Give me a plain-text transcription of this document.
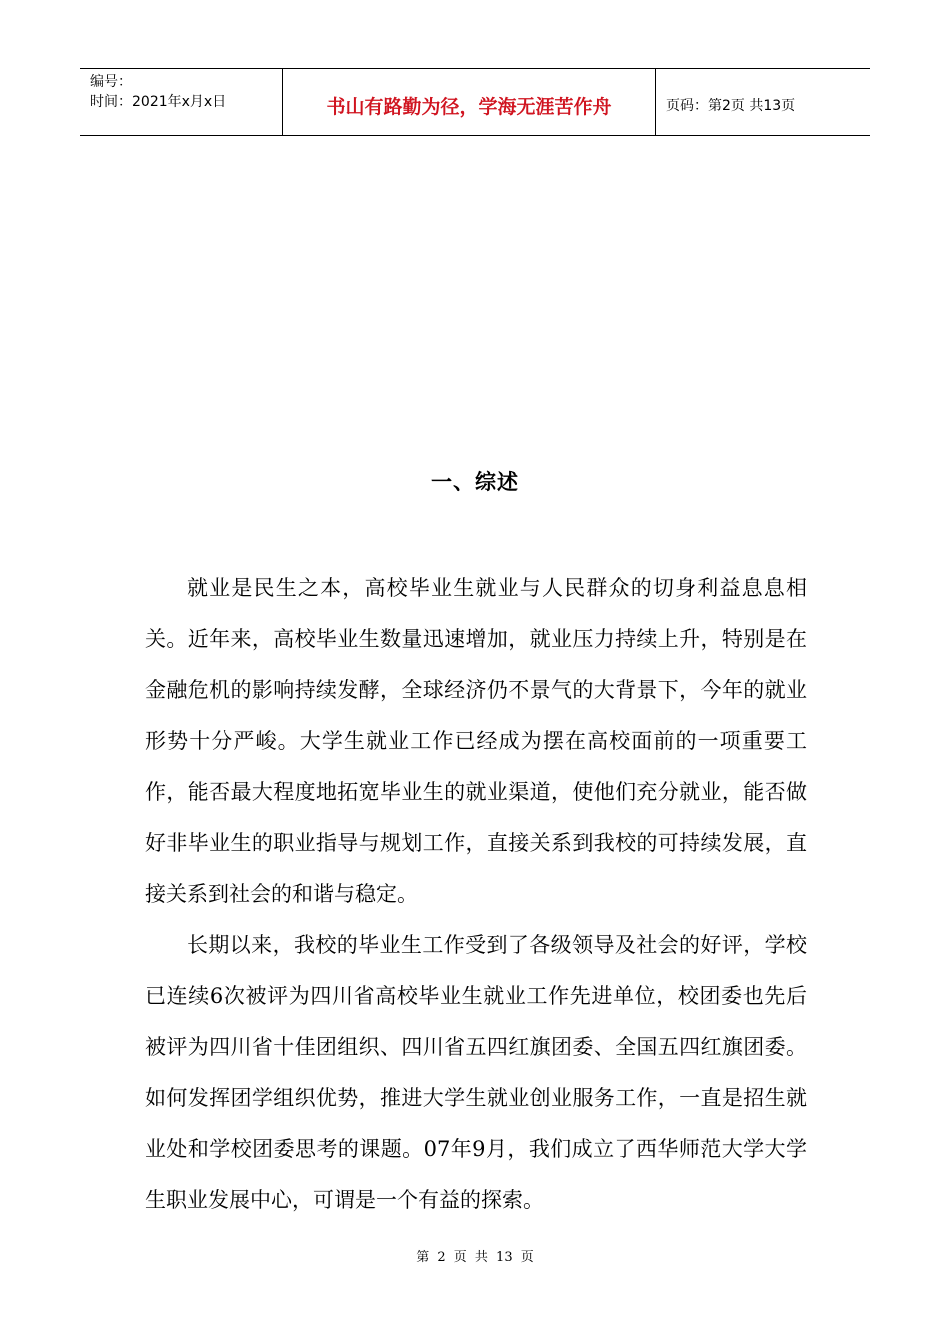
编号：
时间：2021年x月x日	书山有路勤为径，学海无涯苦作舟	页码：第2页 共13页
一、综述

就业是民生之本，高校毕业生就业与人民群众的切身利益息息相关。近年来，高校毕业生数量迅速增加，就业压力持续上升，特别是在金融危机的影响持续发酵，全球经济仍不景气的大背景下，今年的就业形势十分严峻。大学生就业工作已经成为摆在高校面前的一项重要工作，能否最大程度地拓宽毕业生的就业渠道，使他们充分就业，能否做好非毕业生的职业指导与规划工作，直接关系到我校的可持续发展，直接关系到社会的和谐与稳定。

长期以来，我校的毕业生工作受到了各级领导及社会的好评，学校已连续6次被评为四川省高校毕业生就业工作先进单位，校团委也先后被评为四川省十佳团组织、四川省五四红旗团委、全国五四红旗团委。如何发挥团学组织优势，推进大学生就业创业服务工作，一直是招生就业处和学校团委思考的课题。07年9月，我们成立了西华师范大学大学生职业发展中心，可谓是一个有益的探索。

第 2 页 共 13 页
